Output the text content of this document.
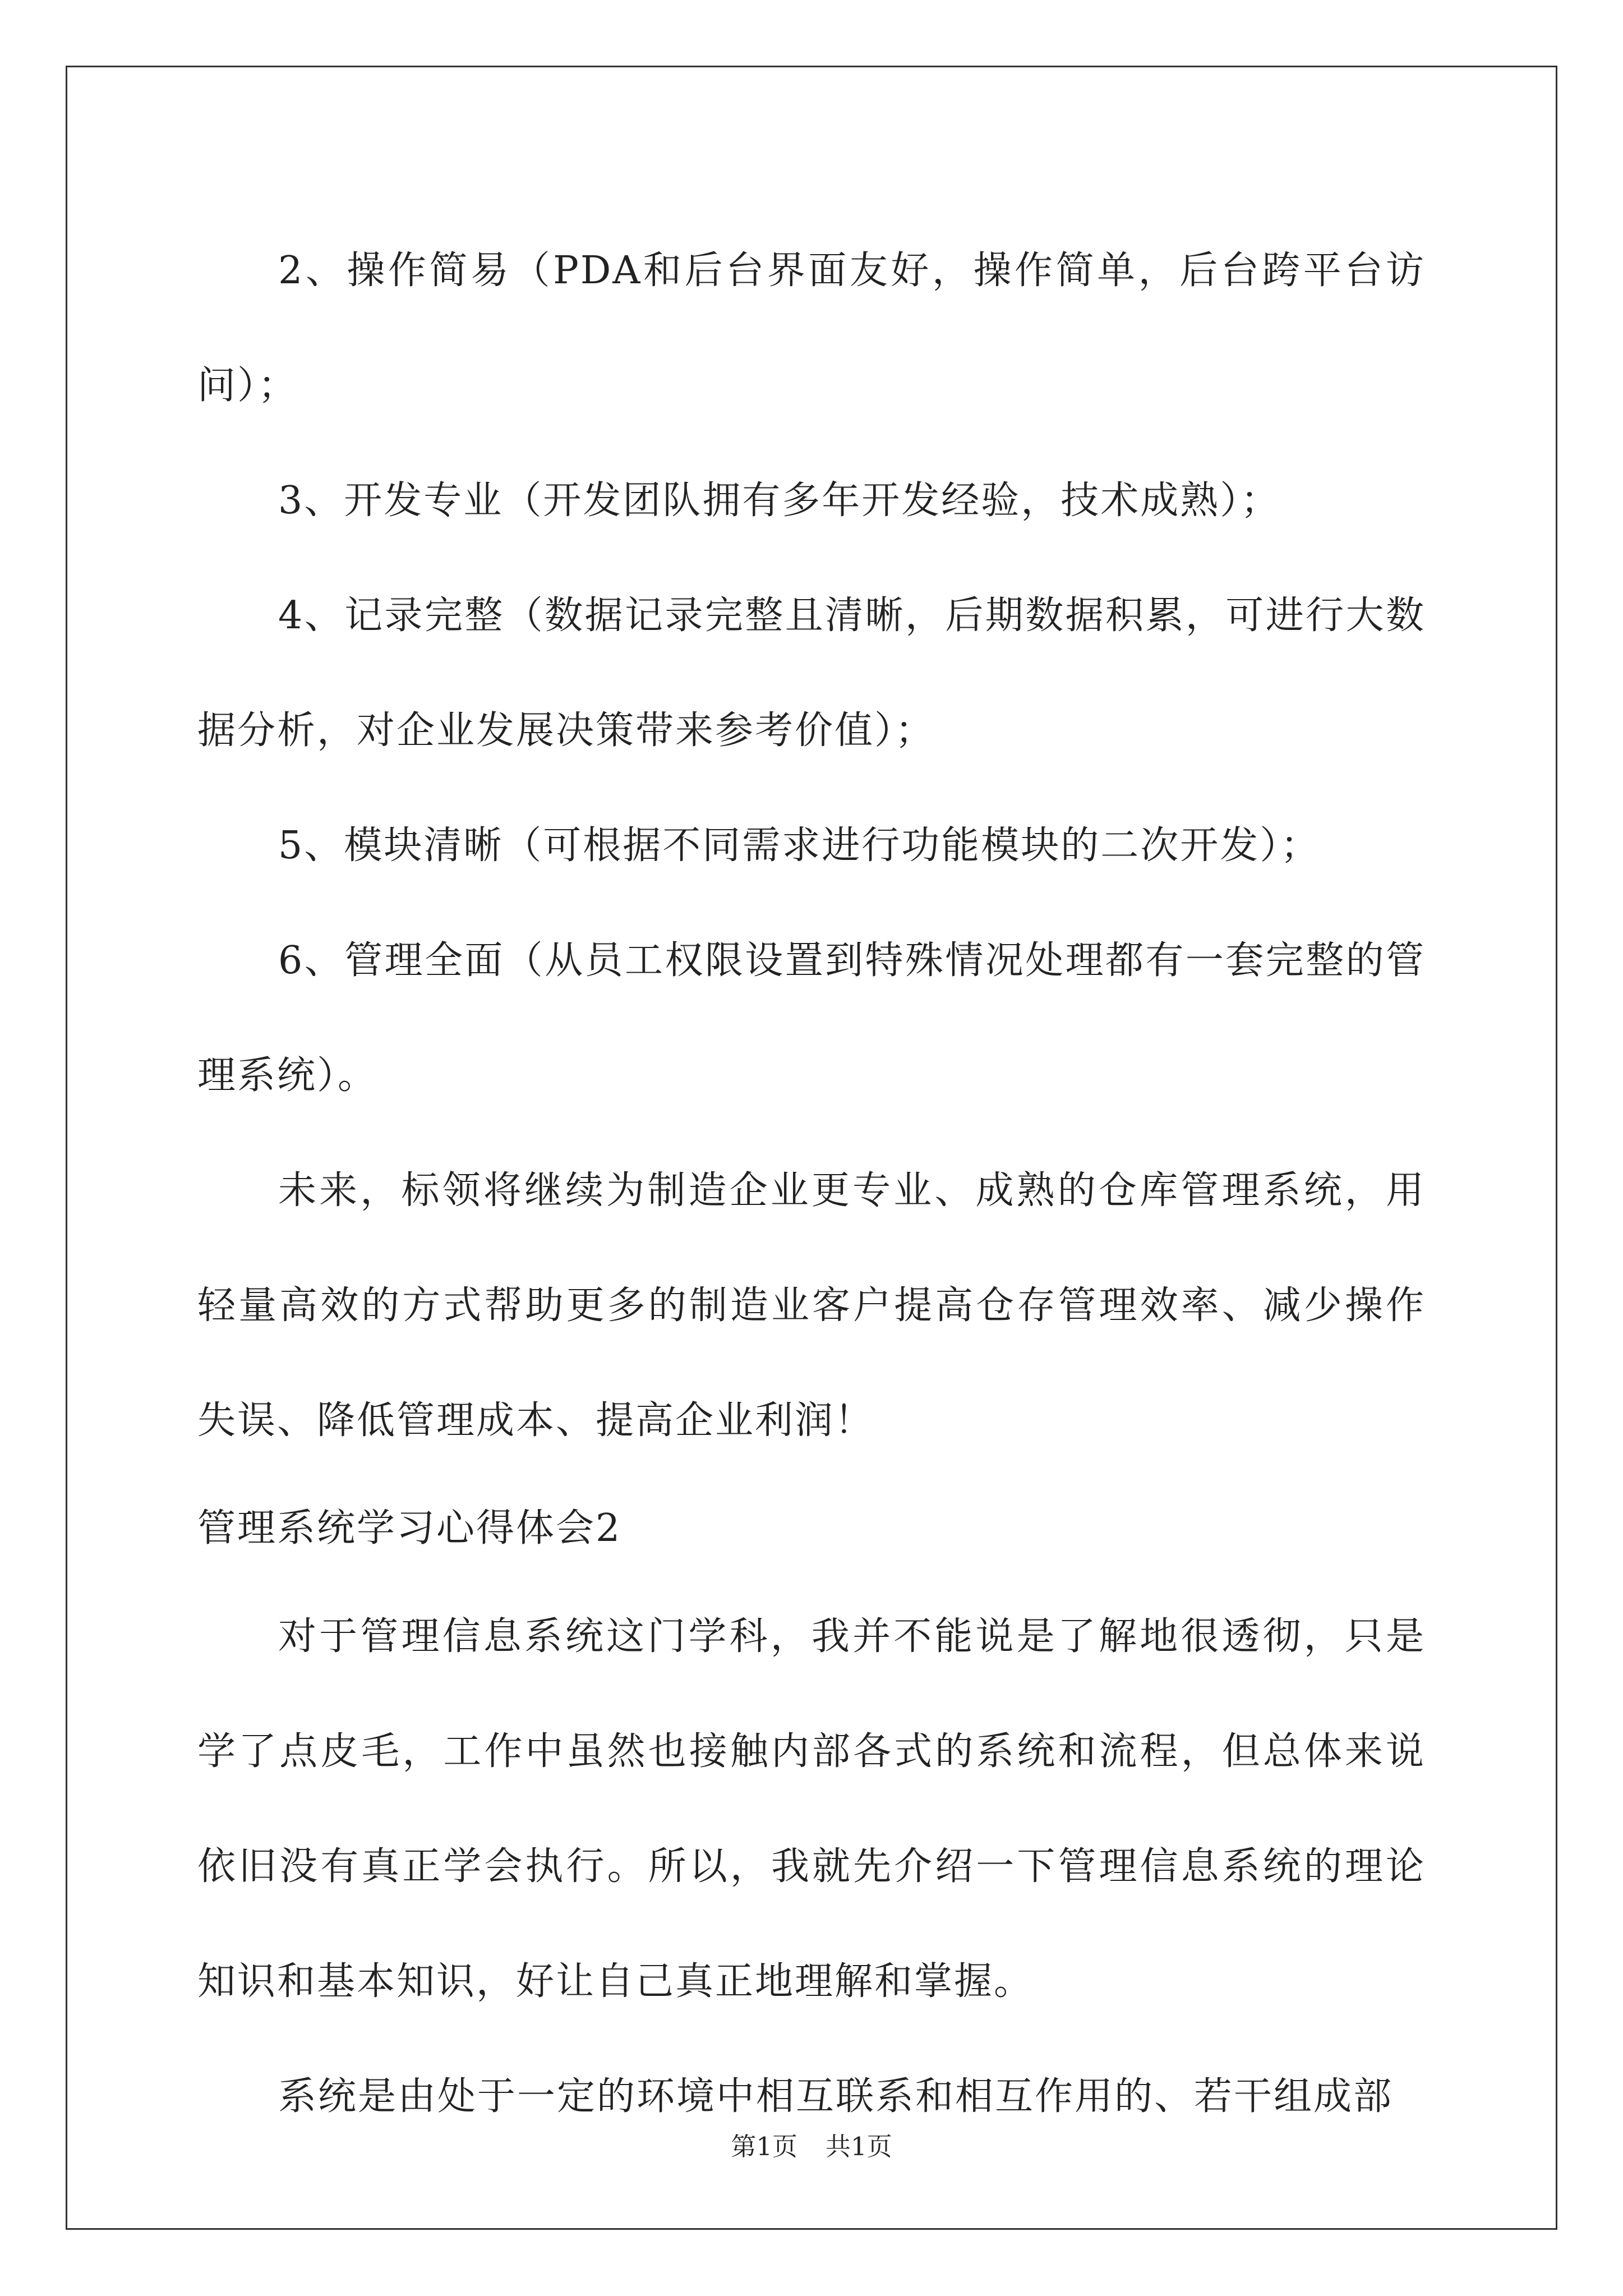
2、操作简易（PDA和后台界面友好，操作简单，后台跨平台访问）；

3、开发专业（开发团队拥有多年开发经验，技术成熟）；

4、记录完整（数据记录完整且清晰，后期数据积累，可进行大数据分析，对企业发展决策带来参考价值）；

5、模块清晰（可根据不同需求进行功能模块的二次开发）；

6、管理全面（从员工权限设置到特殊情况处理都有一套完整的管理系统）。

未来，标领将继续为制造企业更专业、成熟的仓库管理系统，用轻量高效的方式帮助更多的制造业客户提高仓存管理效率、减少操作失误、降低管理成本、提高企业利润！

管理系统学习心得体会2

对于管理信息系统这门学科，我并不能说是了解地很透彻，只是学了点皮毛，工作中虽然也接触内部各式的系统和流程，但总体来说依旧没有真正学会执行。所以，我就先介绍一下管理信息系统的理论知识和基本知识，好让自己真正地理解和掌握。

系统是由处于一定的环境中相互联系和相互作用的、若干组成部

第1页 共1页
